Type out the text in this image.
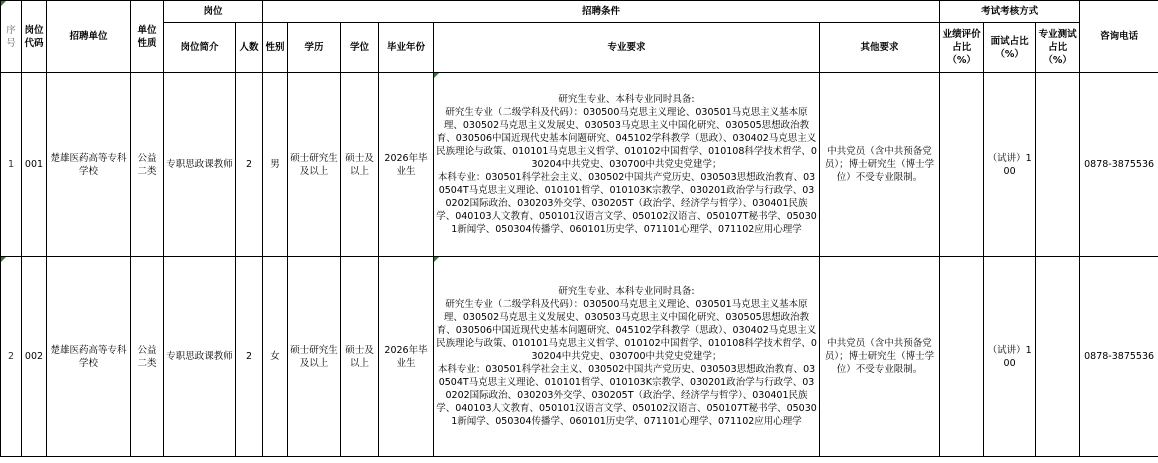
序号	岗位代码	招聘单位	单位性质	岗位		招聘条件						考试考核方式			咨询电话
				岗位简介	人数	性别	学历	学位	毕业年份	专业要求	其他要求	业绩评价占比（%）	面试占比（%）	专业测试占比（%）	
1	001	楚雄医药高等专科学校	公益二类	专职思政课教师	2	男	硕士研究生及以上	硕士及以上	2026年毕业生	研究生专业、本科专业同时具备:
研究生专业（二级学科及代码）：030500马克思主义理论、030501马克思主义基本原理、030502马克思主义发展史、030503马克思主义中国化研究、030505思想政治教育、030506中国近现代史基本问题研究、045102学科教学（思政）、030402马克思主义民族理论与政策、010101马克思主义哲学、010102中国哲学、010108科学技术哲学、030204中共党史、030700中共党史党建学；
本科专业：030501科学社会主义、030502中国共产党历史、030503思想政治教育、030504T马克思主义理论、010101哲学、010103K宗教学、030201政治学与行政学、030202国际政治、030203外交学、030205T（政治学、经济学与哲学）、030401民族学、040103人文教育、050101汉语言文学、050102汉语言、050107T秘书学、050301新闻学、050304传播学、060101历史学、071101心理学、071102应用心理学	中共党员（含中共预备党员）；博士研究生（博士学位）不受专业限制。		（试讲）100		0878-3875536
2	002	楚雄医药高等专科学校	公益二类	专职思政课教师	2	女	硕士研究生及以上	硕士及以上	2026年毕业生	研究生专业、本科专业同时具备:
研究生专业（二级学科及代码）：030500马克思主义理论、030501马克思主义基本原理、030502马克思主义发展史、030503马克思主义中国化研究、030505思想政治教育、030506中国近现代史基本问题研究、045102学科教学（思政）、030402马克思主义民族理论与政策、010101马克思主义哲学、010102中国哲学、010108科学技术哲学、030204中共党史、030700中共党史党建学；
本科专业：030501科学社会主义、030502中国共产党历史、030503思想政治教育、030504T马克思主义理论、010101哲学、010103K宗教学、030201政治学与行政学、030202国际政治、030203外交学、030205T（政治学、经济学与哲学）、030401民族学、040103人文教育、050101汉语言文学、050102汉语言、050107T秘书学、050301新闻学、050304传播学、060101历史学、071101心理学、071102应用心理学	中共党员（含中共预备党员）；博士研究生（博士学位）不受专业限制。		（试讲）100		0878-3875536
